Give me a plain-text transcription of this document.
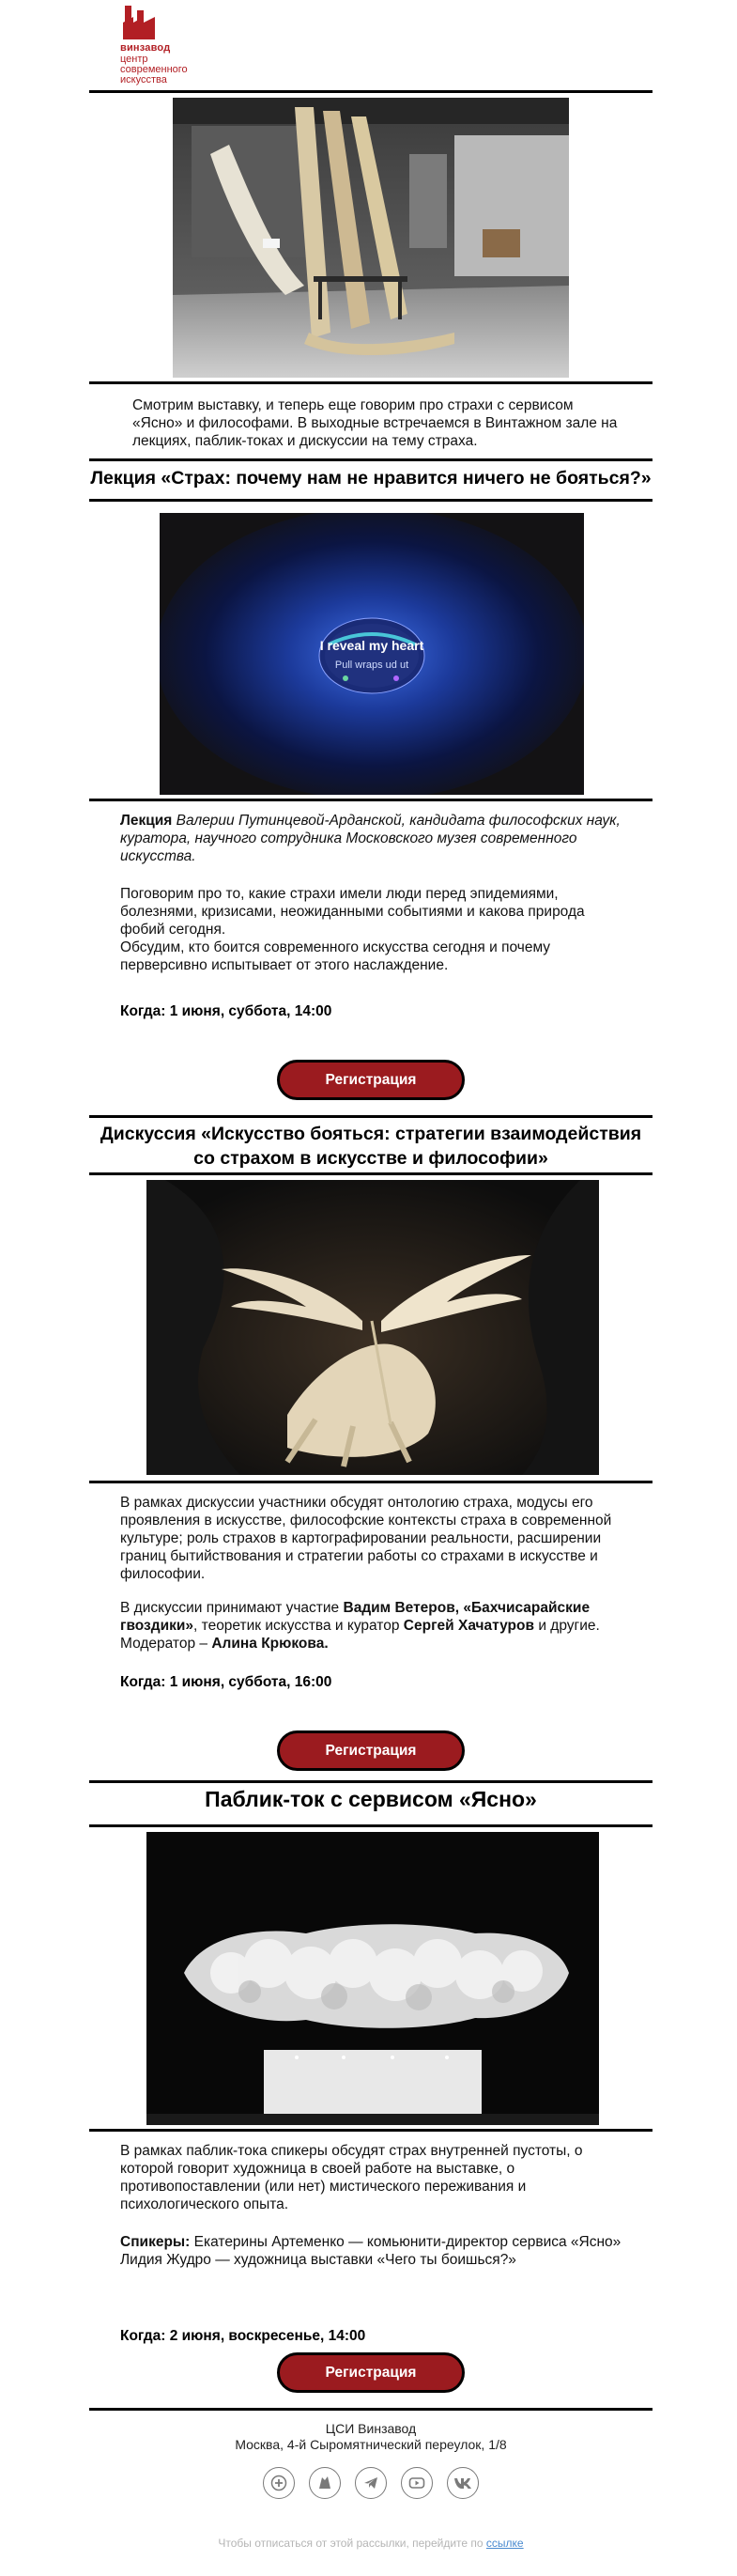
винзавод
центр
современного
искусства
Смотрим выставку, и теперь еще говорим про страхи с сервисом «Ясно» и философами. В выходные встречаемся в Винтажном зале на лекциях, паблик-токах и дискуссии на тему страха.
Лекция «Страх: почему нам не нравится ничего не бояться?»
I reveal my heart
Pull wraps ud ut

Лекция Валерии Путинцевой-Арданской, кандидата философских наук, куратора, научного сотрудника Московского музея современного искусства.

Поговорим про то, какие страхи имели люди перед эпидемиями, болезнями, кризисами, неожиданными событиями и какова природа фобий сегодня.

Обсудим, кто боится современного искусства сегодня и почему перверсивно испытывает от этого наслаждение.

Когда: 1 июня, суббота, 14:00
Регистрация
Дискуссия «Искусство бояться: стратегии взаимодействия со страхом в искусстве и философии»

В рамках дискуссии участники обсудят онтологию страха, модусы его проявления в искусстве, философские контексты страха в современной культуре; роль страхов в картографировании реальности, расширении границ бытийствования и стратегии работы со страхами в искусстве и философии.

В дискуссии принимают участие Вадим Ветеров, «Бахчисарайские гвоздики», теоретик искусства и куратор Сергей Хачатуров и другие.

Модератор – Алина Крюкова.

Когда: 1 июня, суббота, 16:00
Регистрация
Паблик-ток с сервисом «Ясно»

В рамках паблик-тока спикеры обсудят страх внутренней пустоты, о которой говорит художница в своей работе на выставке, о противопоставлении (или нет) мистического переживания и психологического опыта.

Спикеры: Екатерины Артеменко — комьюнити-директор сервиса «Ясно»

Лидия Жудро — художница выставки «Чего ты боишься?»

Когда: 2 июня, воскресенье, 14:00
Регистрация
ЦСИ Винзавод
Москва, 4-й Сыромятнический переулок, 1/8
Чтобы отписаться от этой рассылки, перейдите по ссылке
